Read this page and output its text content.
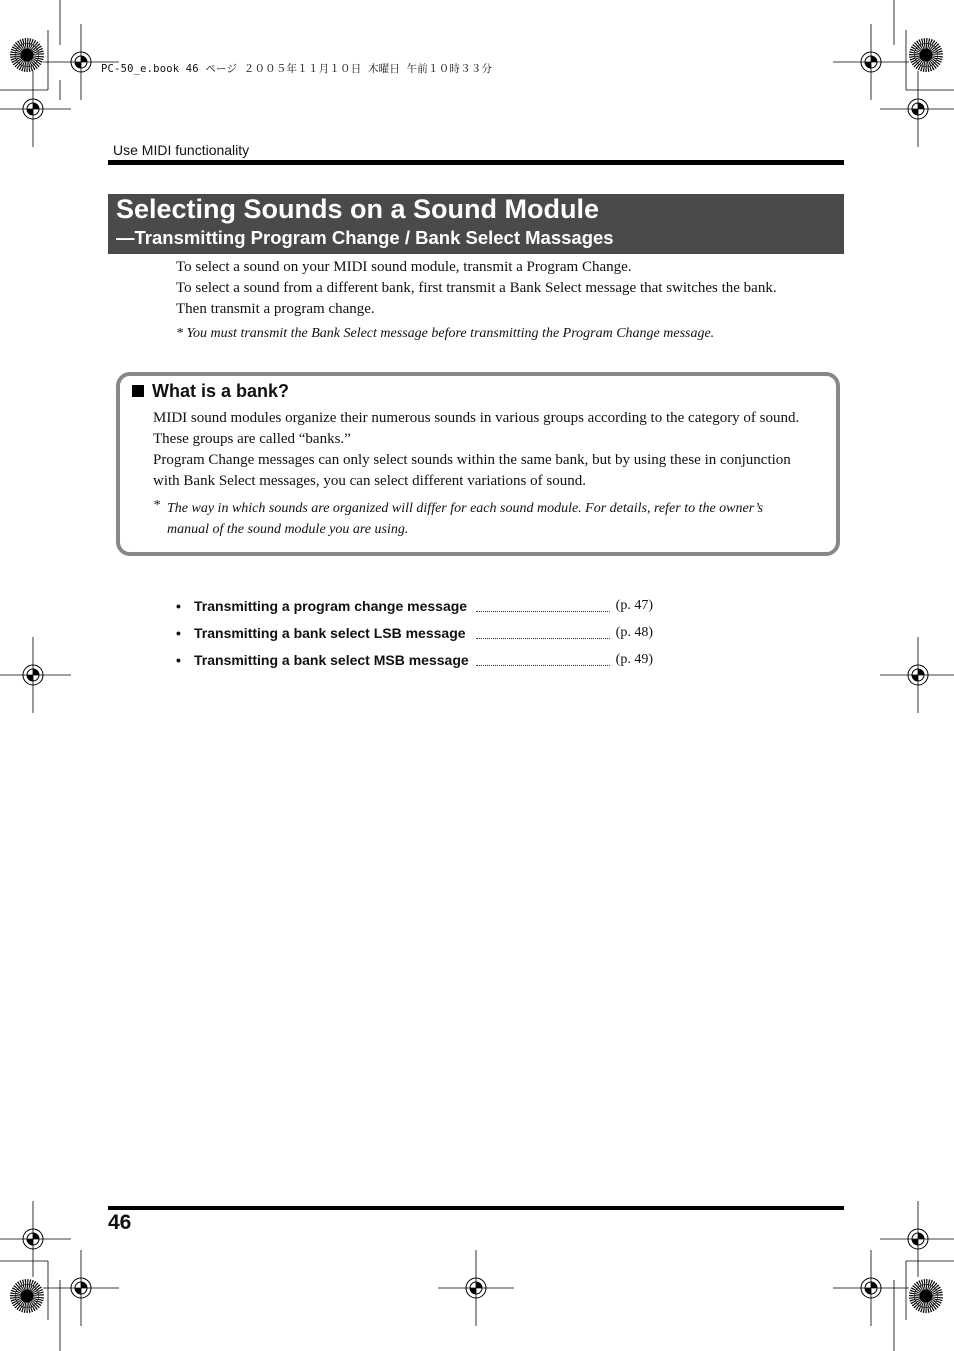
PC-50_e.book 46 ページ ２００５年１１月１０日 木曜日 午前１０時３３分
Use MIDI functionality
Selecting Sounds on a Sound Module
—Transmitting Program Change / Bank Select Massages
To select a sound on your MIDI sound module, transmit a Program Change.
To select a sound from a different bank, first transmit a Bank Select message that switches the bank.
Then transmit a program change.
* You must transmit the Bank Select message before transmitting the Program Change message.
What is a bank?
MIDI sound modules organize their numerous sounds in various groups according to the category of sound. These groups are called “banks.”
Program Change messages can only select sounds within the same bank, but by using these in conjunction with Bank Select messages, you can select different variations of sound.
* The way in which sounds are organized will differ for each sound module. For details, refer to the owner’s manual of the sound module you are using.
• Transmitting a program change message	(p. 47)
• Transmitting a bank select LSB message	(p. 48)
• Transmitting a bank select MSB message	(p. 49)
46
